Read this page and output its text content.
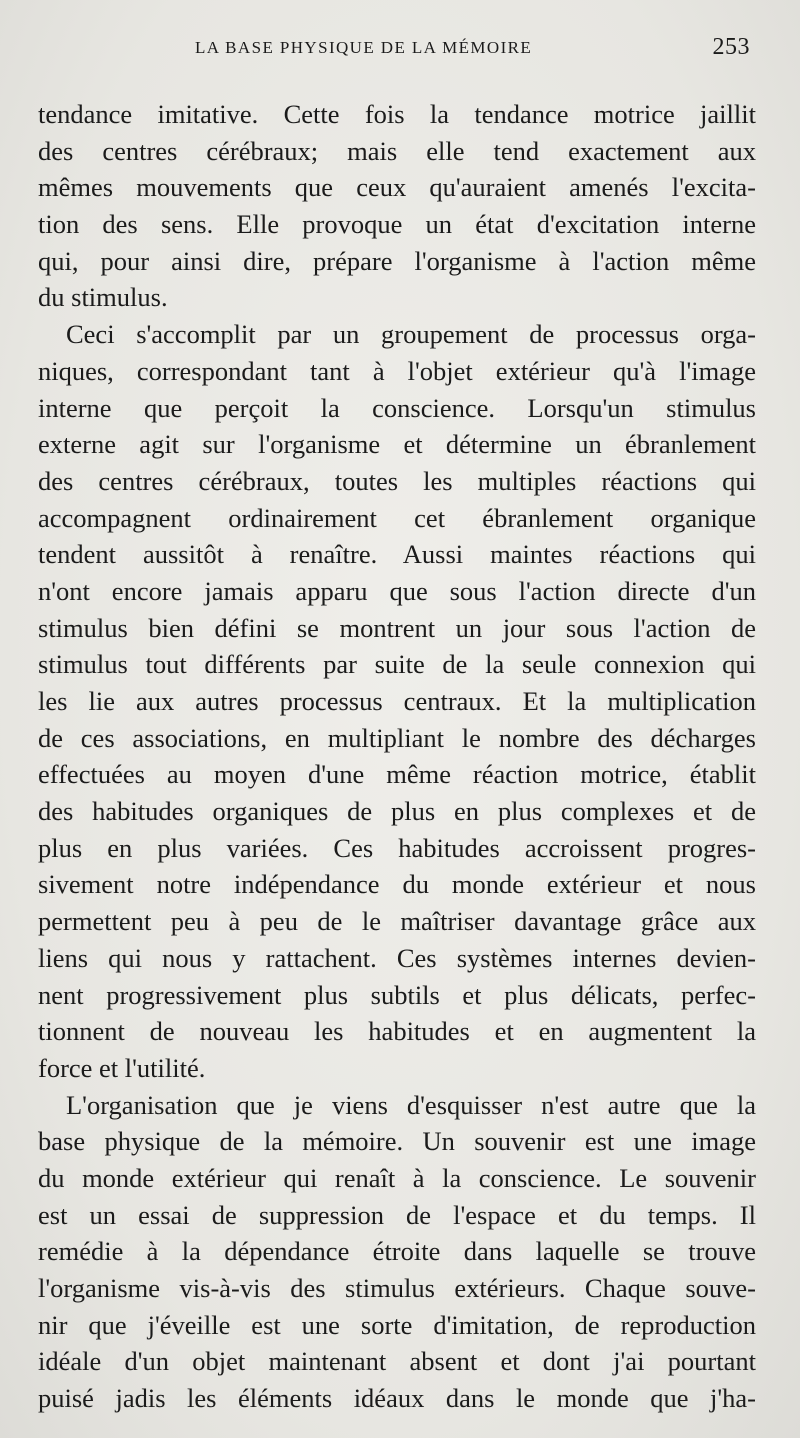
LA BASE PHYSIQUE DE LA MÉMOIRE	253
tendance imitative. Cette fois la tendance motrice jaillit
des centres cérébraux; mais elle tend exactement aux
mêmes mouvements que ceux qu'auraient amenés l'excita-
tion des sens. Elle provoque un état d'excitation interne
qui, pour ainsi dire, prépare l'organisme à l'action même
du stimulus.
Ceci s'accomplit par un groupement de processus orga-
niques, correspondant tant à l'objet extérieur qu'à l'image
interne que perçoit la conscience. Lorsqu'un stimulus
externe agit sur l'organisme et détermine un ébranlement
des centres cérébraux, toutes les multiples réactions qui
accompagnent ordinairement cet ébranlement organique
tendent aussitôt à renaître. Aussi maintes réactions qui
n'ont encore jamais apparu que sous l'action directe d'un
stimulus bien défini se montrent un jour sous l'action de
stimulus tout différents par suite de la seule connexion qui
les lie aux autres processus centraux. Et la multiplication
de ces associations, en multipliant le nombre des décharges
effectuées au moyen d'une même réaction motrice, établit
des habitudes organiques de plus en plus complexes et de
plus en plus variées. Ces habitudes accroissent progres-
sivement notre indépendance du monde extérieur et nous
permettent peu à peu de le maîtriser davantage grâce aux
liens qui nous y rattachent. Ces systèmes internes devien-
nent progressivement plus subtils et plus délicats, perfec-
tionnent de nouveau les habitudes et en augmentent la
force et l'utilité.
L'organisation que je viens d'esquisser n'est autre que la
base physique de la mémoire. Un souvenir est une image
du monde extérieur qui renaît à la conscience. Le souvenir
est un essai de suppression de l'espace et du temps. Il
remédie à la dépendance étroite dans laquelle se trouve
l'organisme vis-à-vis des stimulus extérieurs. Chaque souve-
nir que j'éveille est une sorte d'imitation, de reproduction
idéale d'un objet maintenant absent et dont j'ai pourtant
puisé jadis les éléments idéaux dans le monde que j'ha-
